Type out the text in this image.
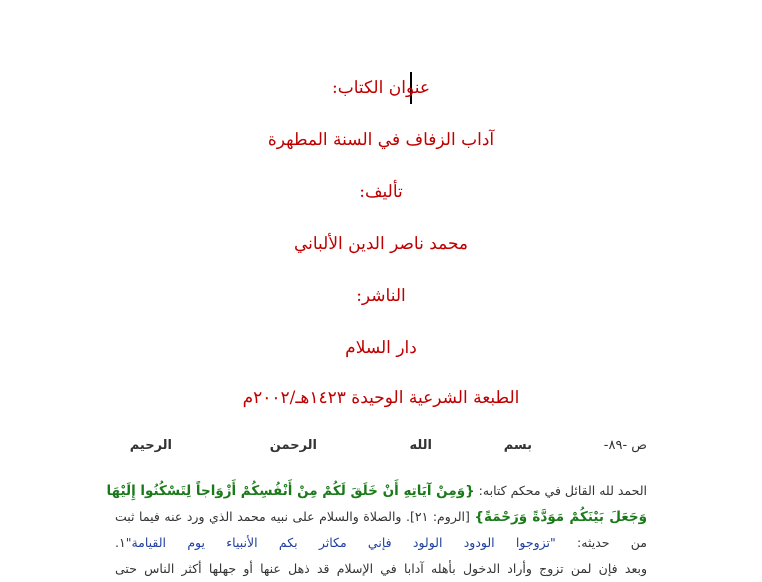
عنوان الكتاب:
آداب الزفاف في السنة المطهرة
تأليف:
محمد ناصر الدين الألباني
الناشر:
دار السلام
الطبعة الشرعية الوحيدة ١٤٢٣هـ/٢٠٠٢م
ص -٨٩-
بسم
الله
الرحمن
الرحيم
الحمد لله القائل في محكم كتابه: {وَمِنْ آيَاتِهِ أَنْ خَلَقَ لَكُمْ مِنْ أَنْفُسِكُمْ أَزْوَاجاً لِتَسْكُنُوا إِلَيْهَا
وَجَعَلَ بَيْنَكُمْ مَوَدَّةً وَرَحْمَةً} [الروم: ٢١]. والصلاة والسلام على نبيه محمد الذي ورد عنه فيما ثبت
من حديثه: "تزوجوا الودود الولود فإني مكاثر بكم الأنبياء يوم القيامة"١.
وبعد فإن لمن تزوج وأراد الدخول بأهله آدابا في الإسلام قد ذهل عنها أو جهلها أكثر الناس حتى
